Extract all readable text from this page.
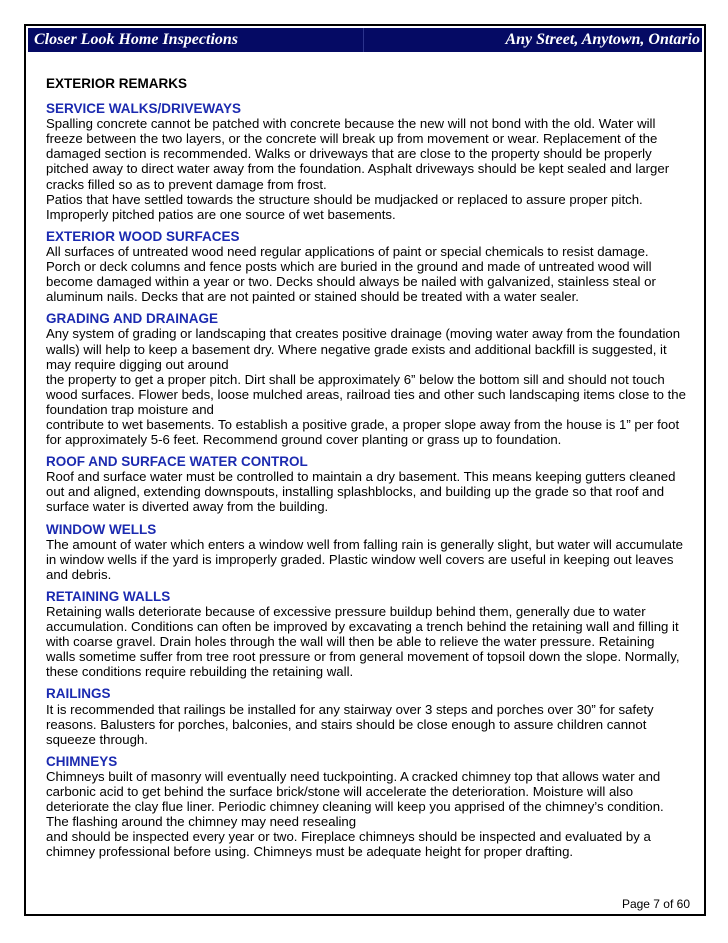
Closer Look Home Inspections	Any Street, Anytown, Ontario
EXTERIOR REMARKS
SERVICE WALKS/DRIVEWAYS
Spalling concrete cannot be patched with concrete because the new will not bond with the old. Water will freeze between the two layers, or the concrete will break up from movement or wear. Replacement of the damaged section is recommended. Walks or driveways that are close to the property should be properly pitched away to direct water away from the foundation. Asphalt driveways should be kept sealed and larger cracks filled so as to prevent damage from frost.
Patios that have settled towards the structure should be mudjacked or replaced to assure proper pitch. Improperly pitched patios are one source of wet basements.
EXTERIOR WOOD SURFACES
All surfaces of untreated wood need regular applications of paint or special chemicals to resist damage. Porch or deck columns and fence posts which are buried in the ground and made of untreated wood will become damaged within a year or two. Decks should always be nailed with galvanized, stainless steal or aluminum nails. Decks that are not painted or stained should be treated with a water sealer.
GRADING AND DRAINAGE
Any system of grading or landscaping that creates positive drainage (moving water away from the foundation walls) will help to keep a basement dry. Where negative grade exists and additional backfill is suggested, it may require digging out around
the property to get a proper pitch. Dirt shall be approximately 6” below the bottom sill and should not touch wood surfaces. Flower beds, loose mulched areas, railroad ties and other such landscaping items close to the foundation trap moisture and
contribute to wet basements. To establish a positive grade, a proper slope away from the house is 1” per foot for approximately 5-6 feet. Recommend ground cover planting or grass up to foundation.
ROOF AND SURFACE WATER CONTROL
Roof and surface water must be controlled to maintain a dry basement. This means keeping gutters cleaned out and aligned, extending downspouts, installing splashblocks, and building up the grade so that roof and surface water is diverted away from the building.
WINDOW WELLS
The amount of water which enters a window well from falling rain is generally slight, but water will accumulate in window wells if the yard is improperly graded. Plastic window well covers are useful in keeping out leaves and debris.
RETAINING WALLS
Retaining walls deteriorate because of excessive pressure buildup behind them, generally due to water accumulation. Conditions can often be improved by excavating a trench behind the retaining wall and filling it with coarse gravel. Drain holes through the wall will then be able to relieve the water pressure. Retaining walls sometime suffer from tree root pressure or from general movement of topsoil down the slope. Normally, these conditions require rebuilding the retaining wall.
RAILINGS
It is recommended that railings be installed for any stairway over 3 steps and porches over 30” for safety reasons. Balusters for porches, balconies, and stairs should be close enough to assure children cannot squeeze through.
CHIMNEYS
Chimneys built of masonry will eventually need tuckpointing. A cracked chimney top that allows water and carbonic acid to get behind the surface brick/stone will accelerate the deterioration. Moisture will also deteriorate the clay flue liner. Periodic chimney cleaning will keep you apprised of the chimney’s condition. The flashing around the chimney may need resealing
and should be inspected every year or two. Fireplace chimneys should be inspected and evaluated by a chimney professional before using. Chimneys must be adequate height for proper drafting.
Page 7 of 60
